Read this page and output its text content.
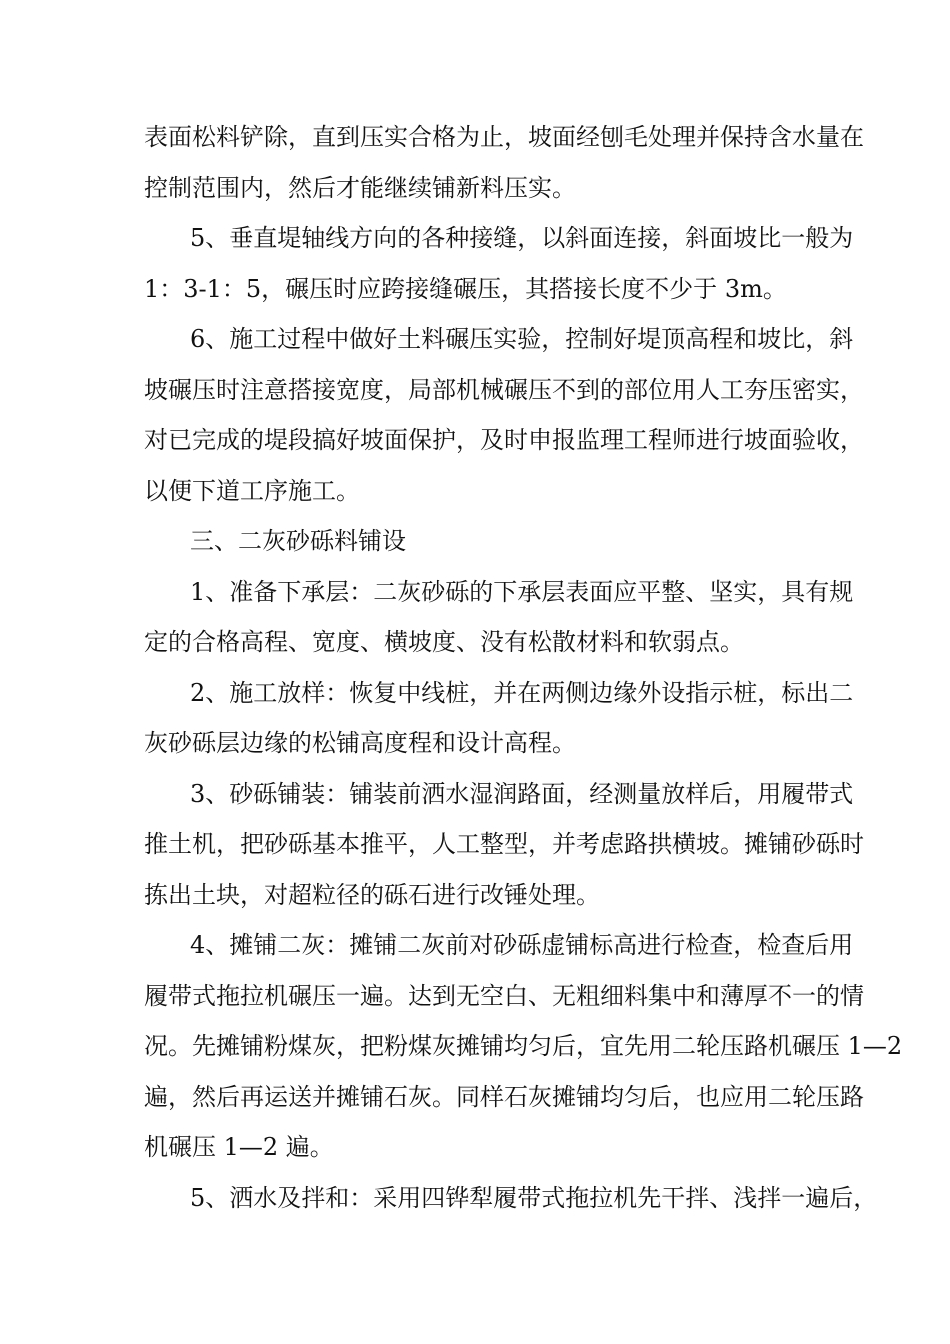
表面松料铲除，直到压实合格为止，坡面经刨毛处理并保持含水量在
控制范围内，然后才能继续铺新料压实。
5、垂直堤轴线方向的各种接缝，以斜面连接，斜面坡比一般为
1：3-1：5，碾压时应跨接缝碾压，其搭接长度不少于 3m。
6、施工过程中做好土料碾压实验，控制好堤顶高程和坡比，斜
坡碾压时注意搭接宽度，局部机械碾压不到的部位用人工夯压密实，
对已完成的堤段搞好坡面保护，及时申报监理工程师进行坡面验收，
以便下道工序施工。
三、二灰砂砾料铺设
1、准备下承层：二灰砂砾的下承层表面应平整、坚实，具有规
定的合格高程、宽度、横坡度、没有松散材料和软弱点。
2、施工放样：恢复中线桩，并在两侧边缘外设指示桩，标出二
灰砂砾层边缘的松铺高度程和设计高程。
3、砂砾铺装：铺装前洒水湿润路面，经测量放样后，用履带式
推土机，把砂砾基本推平，人工整型，并考虑路拱横坡。摊铺砂砾时
拣出土块，对超粒径的砾石进行改锤处理。
4、摊铺二灰：摊铺二灰前对砂砾虚铺标高进行检查，检查后用
履带式拖拉机碾压一遍。达到无空白、无粗细料集中和薄厚不一的情
况。先摊铺粉煤灰，把粉煤灰摊铺均匀后，宜先用二轮压路机碾压 1—2
遍，然后再运送并摊铺石灰。同样石灰摊铺均匀后，也应用二轮压路
机碾压 1—2 遍。
5、洒水及拌和：采用四铧犁履带式拖拉机先干拌、浅拌一遍后，
